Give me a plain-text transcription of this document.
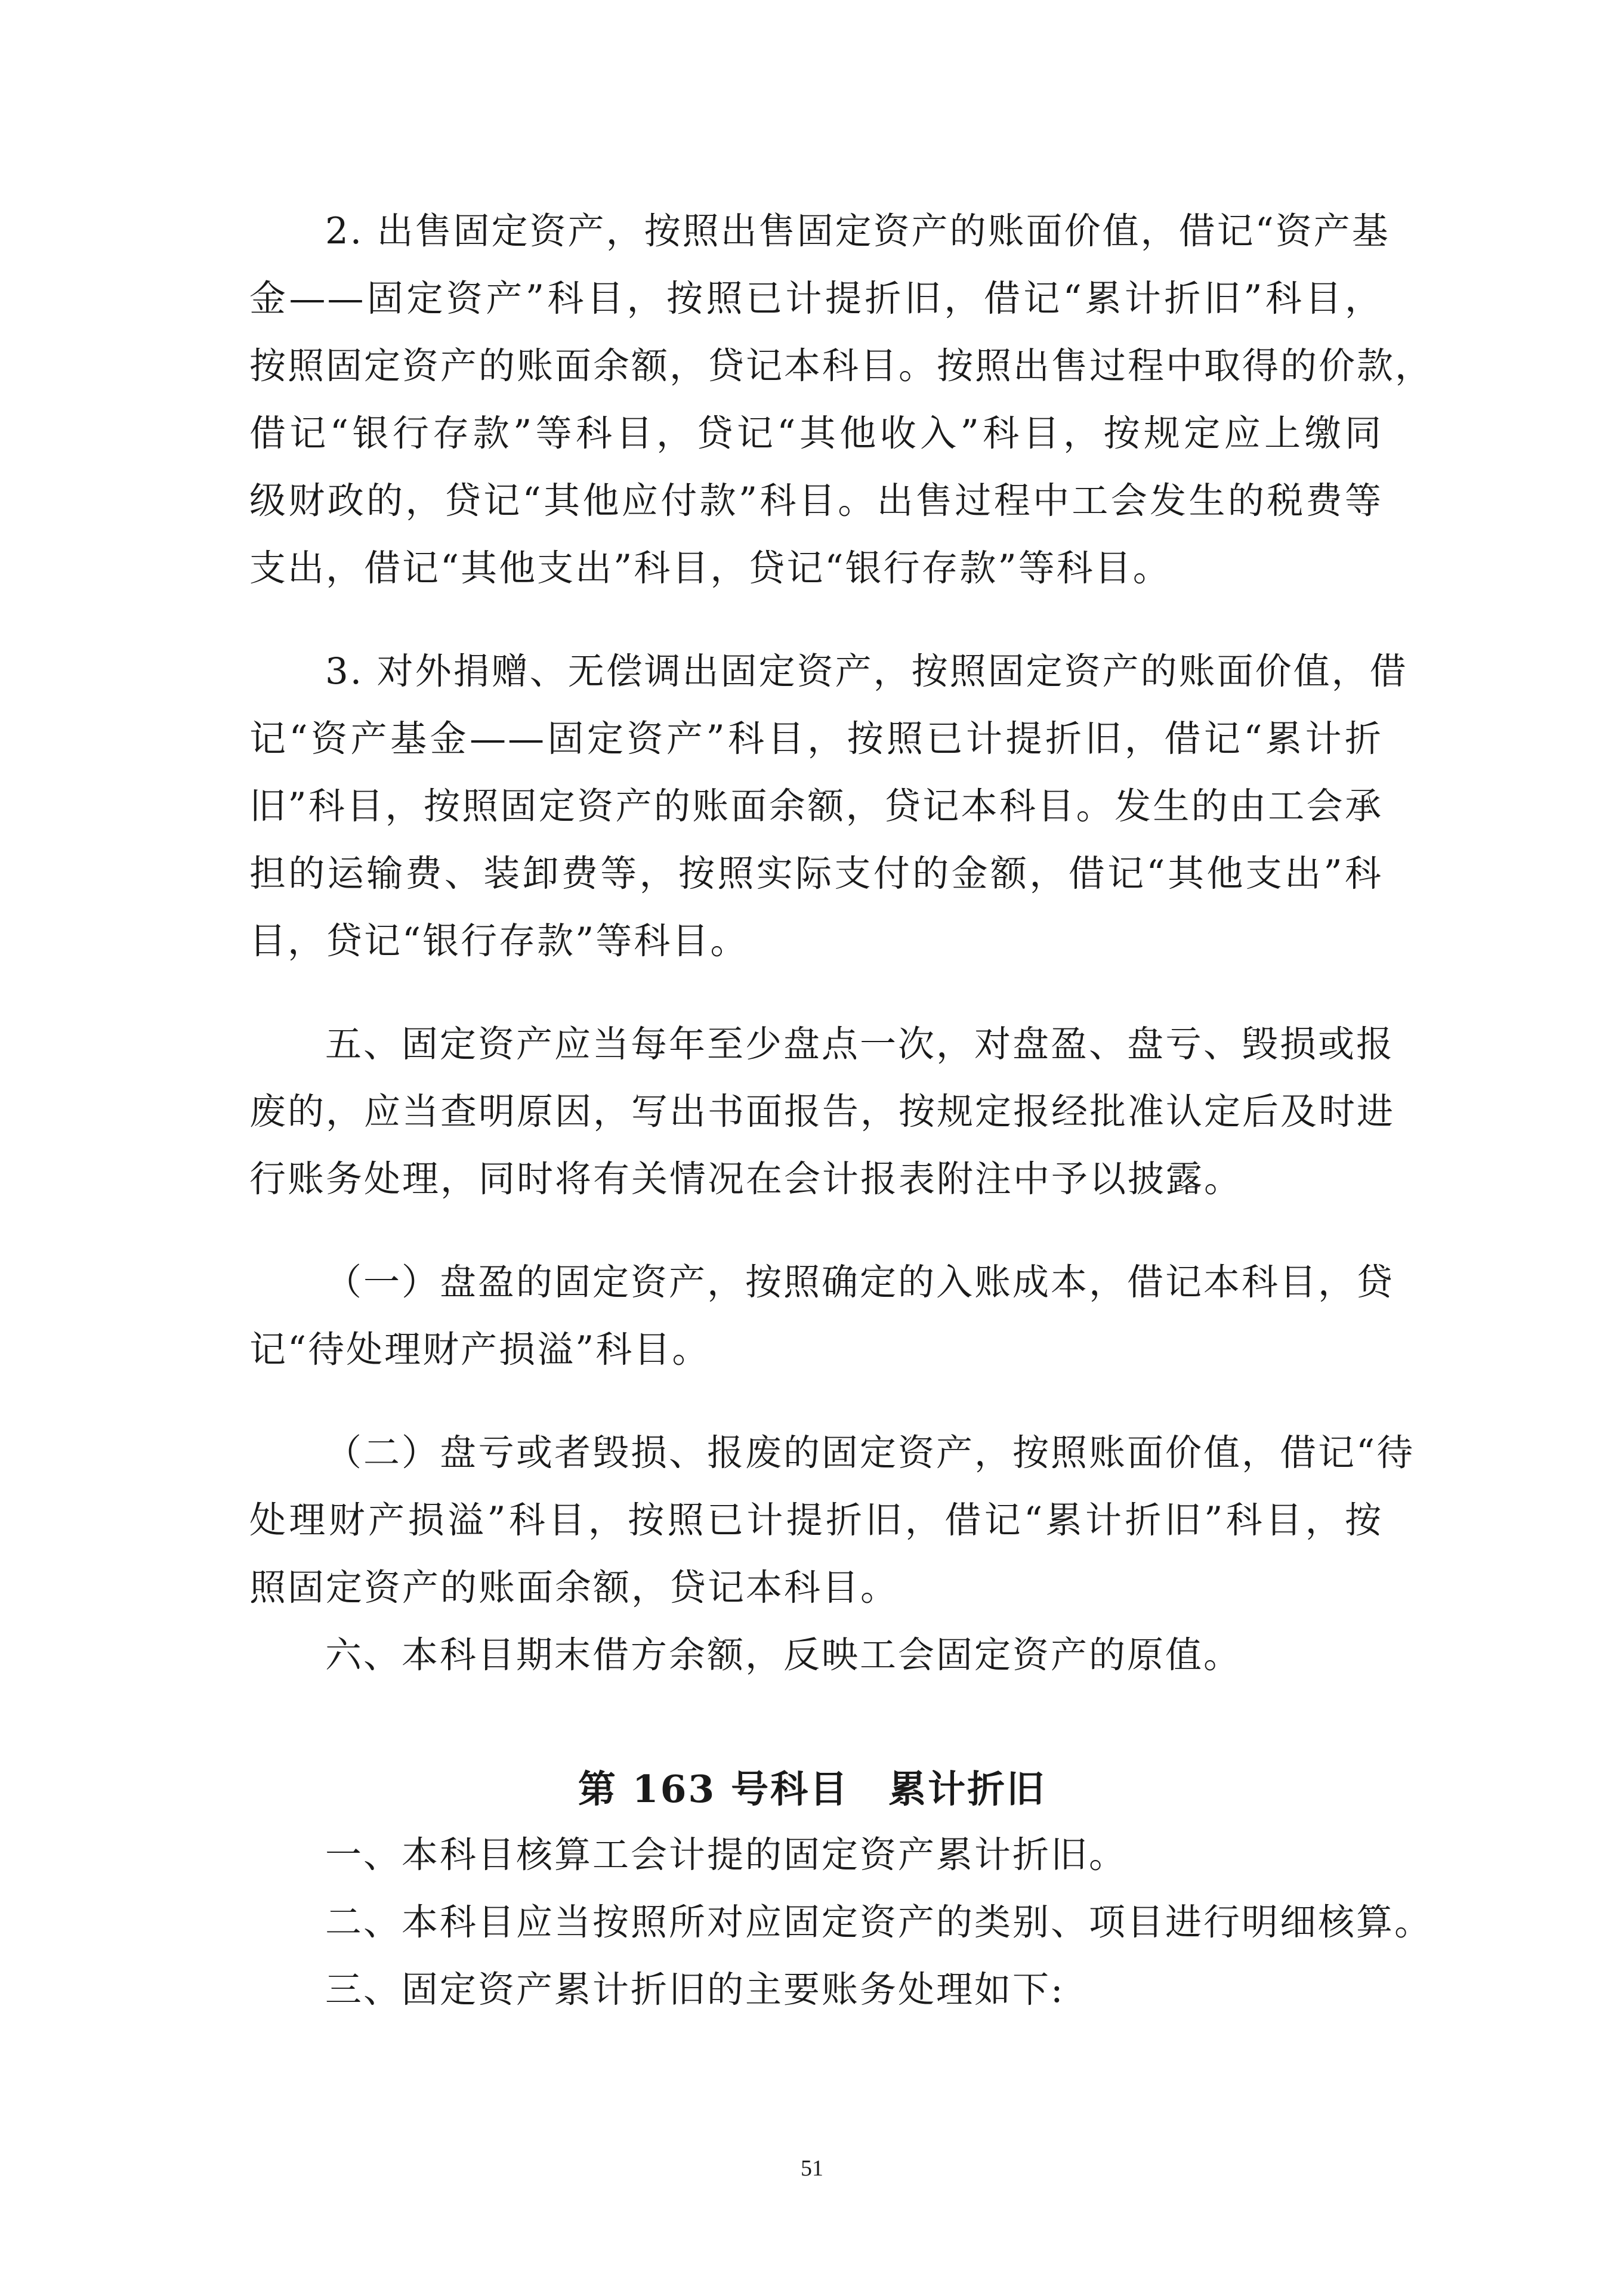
2. 出售固定资产，按照出售固定资产的账面价值，借记“资产基
金——固定资产”科目，按照已计提折旧，借记“累计折旧”科目，
按照固定资产的账面余额，贷记本科目。按照出售过程中取得的价款，
借记“银行存款”等科目，贷记“其他收入”科目，按规定应上缴同
级财政的，贷记“其他应付款”科目。出售过程中工会发生的税费等
支出，借记“其他支出”科目，贷记“银行存款”等科目。
3. 对外捐赠、无偿调出固定资产，按照固定资产的账面价值，借
记“资产基金——固定资产”科目，按照已计提折旧，借记“累计折
旧”科目，按照固定资产的账面余额，贷记本科目。发生的由工会承
担的运输费、装卸费等，按照实际支付的金额，借记“其他支出”科
目，贷记“银行存款”等科目。
五、固定资产应当每年至少盘点一次，对盘盈、盘亏、毁损或报
废的，应当查明原因，写出书面报告，按规定报经批准认定后及时进
行账务处理，同时将有关情况在会计报表附注中予以披露。
（一）盘盈的固定资产，按照确定的入账成本，借记本科目，贷
记“待处理财产损溢”科目。
（二）盘亏或者毁损、报废的固定资产，按照账面价值，借记“待
处理财产损溢”科目，按照已计提折旧，借记“累计折旧”科目，按
照固定资产的账面余额，贷记本科目。
六、本科目期末借方余额，反映工会固定资产的原值。
第 163 号科目　累计折旧
一、本科目核算工会计提的固定资产累计折旧。
二、本科目应当按照所对应固定资产的类别、项目进行明细核算。
三、固定资产累计折旧的主要账务处理如下:
51
